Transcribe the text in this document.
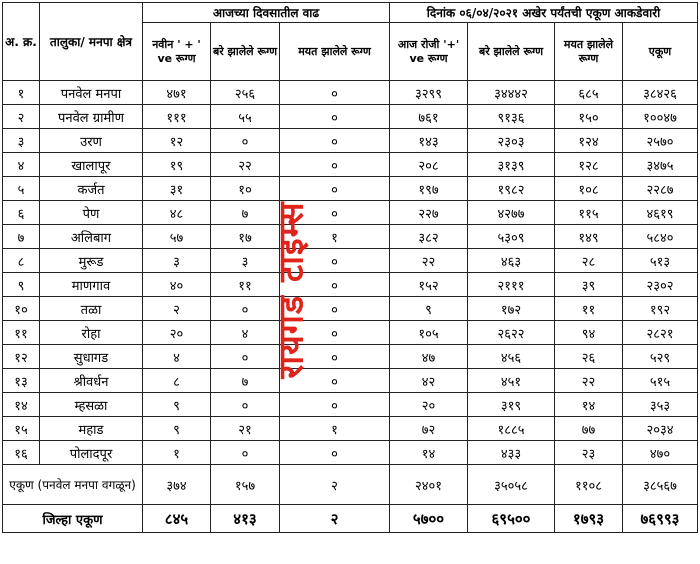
अ. क्र.	तालुका/ मनपा क्षेत्र	आजच्या दिवसातील वाढ			दिनांक ०६/०४/२०२१ अखेर पर्यंतची एकूण आकडेवारी			
		नवीन ' + ' ve रूग्ण	बरे झालेले रूग्ण	मयत झालेले रूग्ण	आज रोजी '+' ve रूग्ण	बरे झालेले रूग्ण	मयत झालेले रूग्ण	एकूण
१	पनवेल मनपा	४७१	२५६	०	३२९९	३४४४२	६८५	३८४२६
२	पनवेल ग्रामीण	१११	५५	०	७६१	९१३६	१५०	१००४७
३	उरण	१२	०	०	१४३	२३०३	१२४	२५७०
४	खालापूर	१९	२२	०	२०८	३१३९	१२८	३४७५
५	कर्जत	३१	१०	०	१९७	१९८२	१०८	२२८७
६	पेण	४८	७	०	२२७	४२७७	११५	४६१९
७	अलिबाग	५७	१७	१	३८२	५३०९	१४९	५८४०
८	मुरूड	३	३	०	२२	४६३	२८	५१३
९	माणगाव	४०	११	०	१५२	२१११	३९	२३०२
१०	तळा	२	०	०	९	१७२	११	१९२
११	रोहा	२०	४	०	१०५	२६२२	९४	२८२१
१२	सुधागड	४	०	०	४७	४५६	२६	५२९
१३	श्रीवर्धन	८	७	०	४२	४५१	२२	५१५
१४	म्हसळा	९	०	०	२०	३१९	१४	३५३
१५	महाड	९	२१	१	७२	१८८५	७७	२०३४
१६	पोलादपूर	१	०	०	१४	४३३	२३	४७०
एकूण (पनवेल मनपा वगळून)		३७४	१५७	२	२४०१	३५०५८	११०८	३८५६७
जिल्हा एकूण		८४५	४१३	२	५७००	६९५००	१७९३	७६९९३
रायगड टाइम्स
